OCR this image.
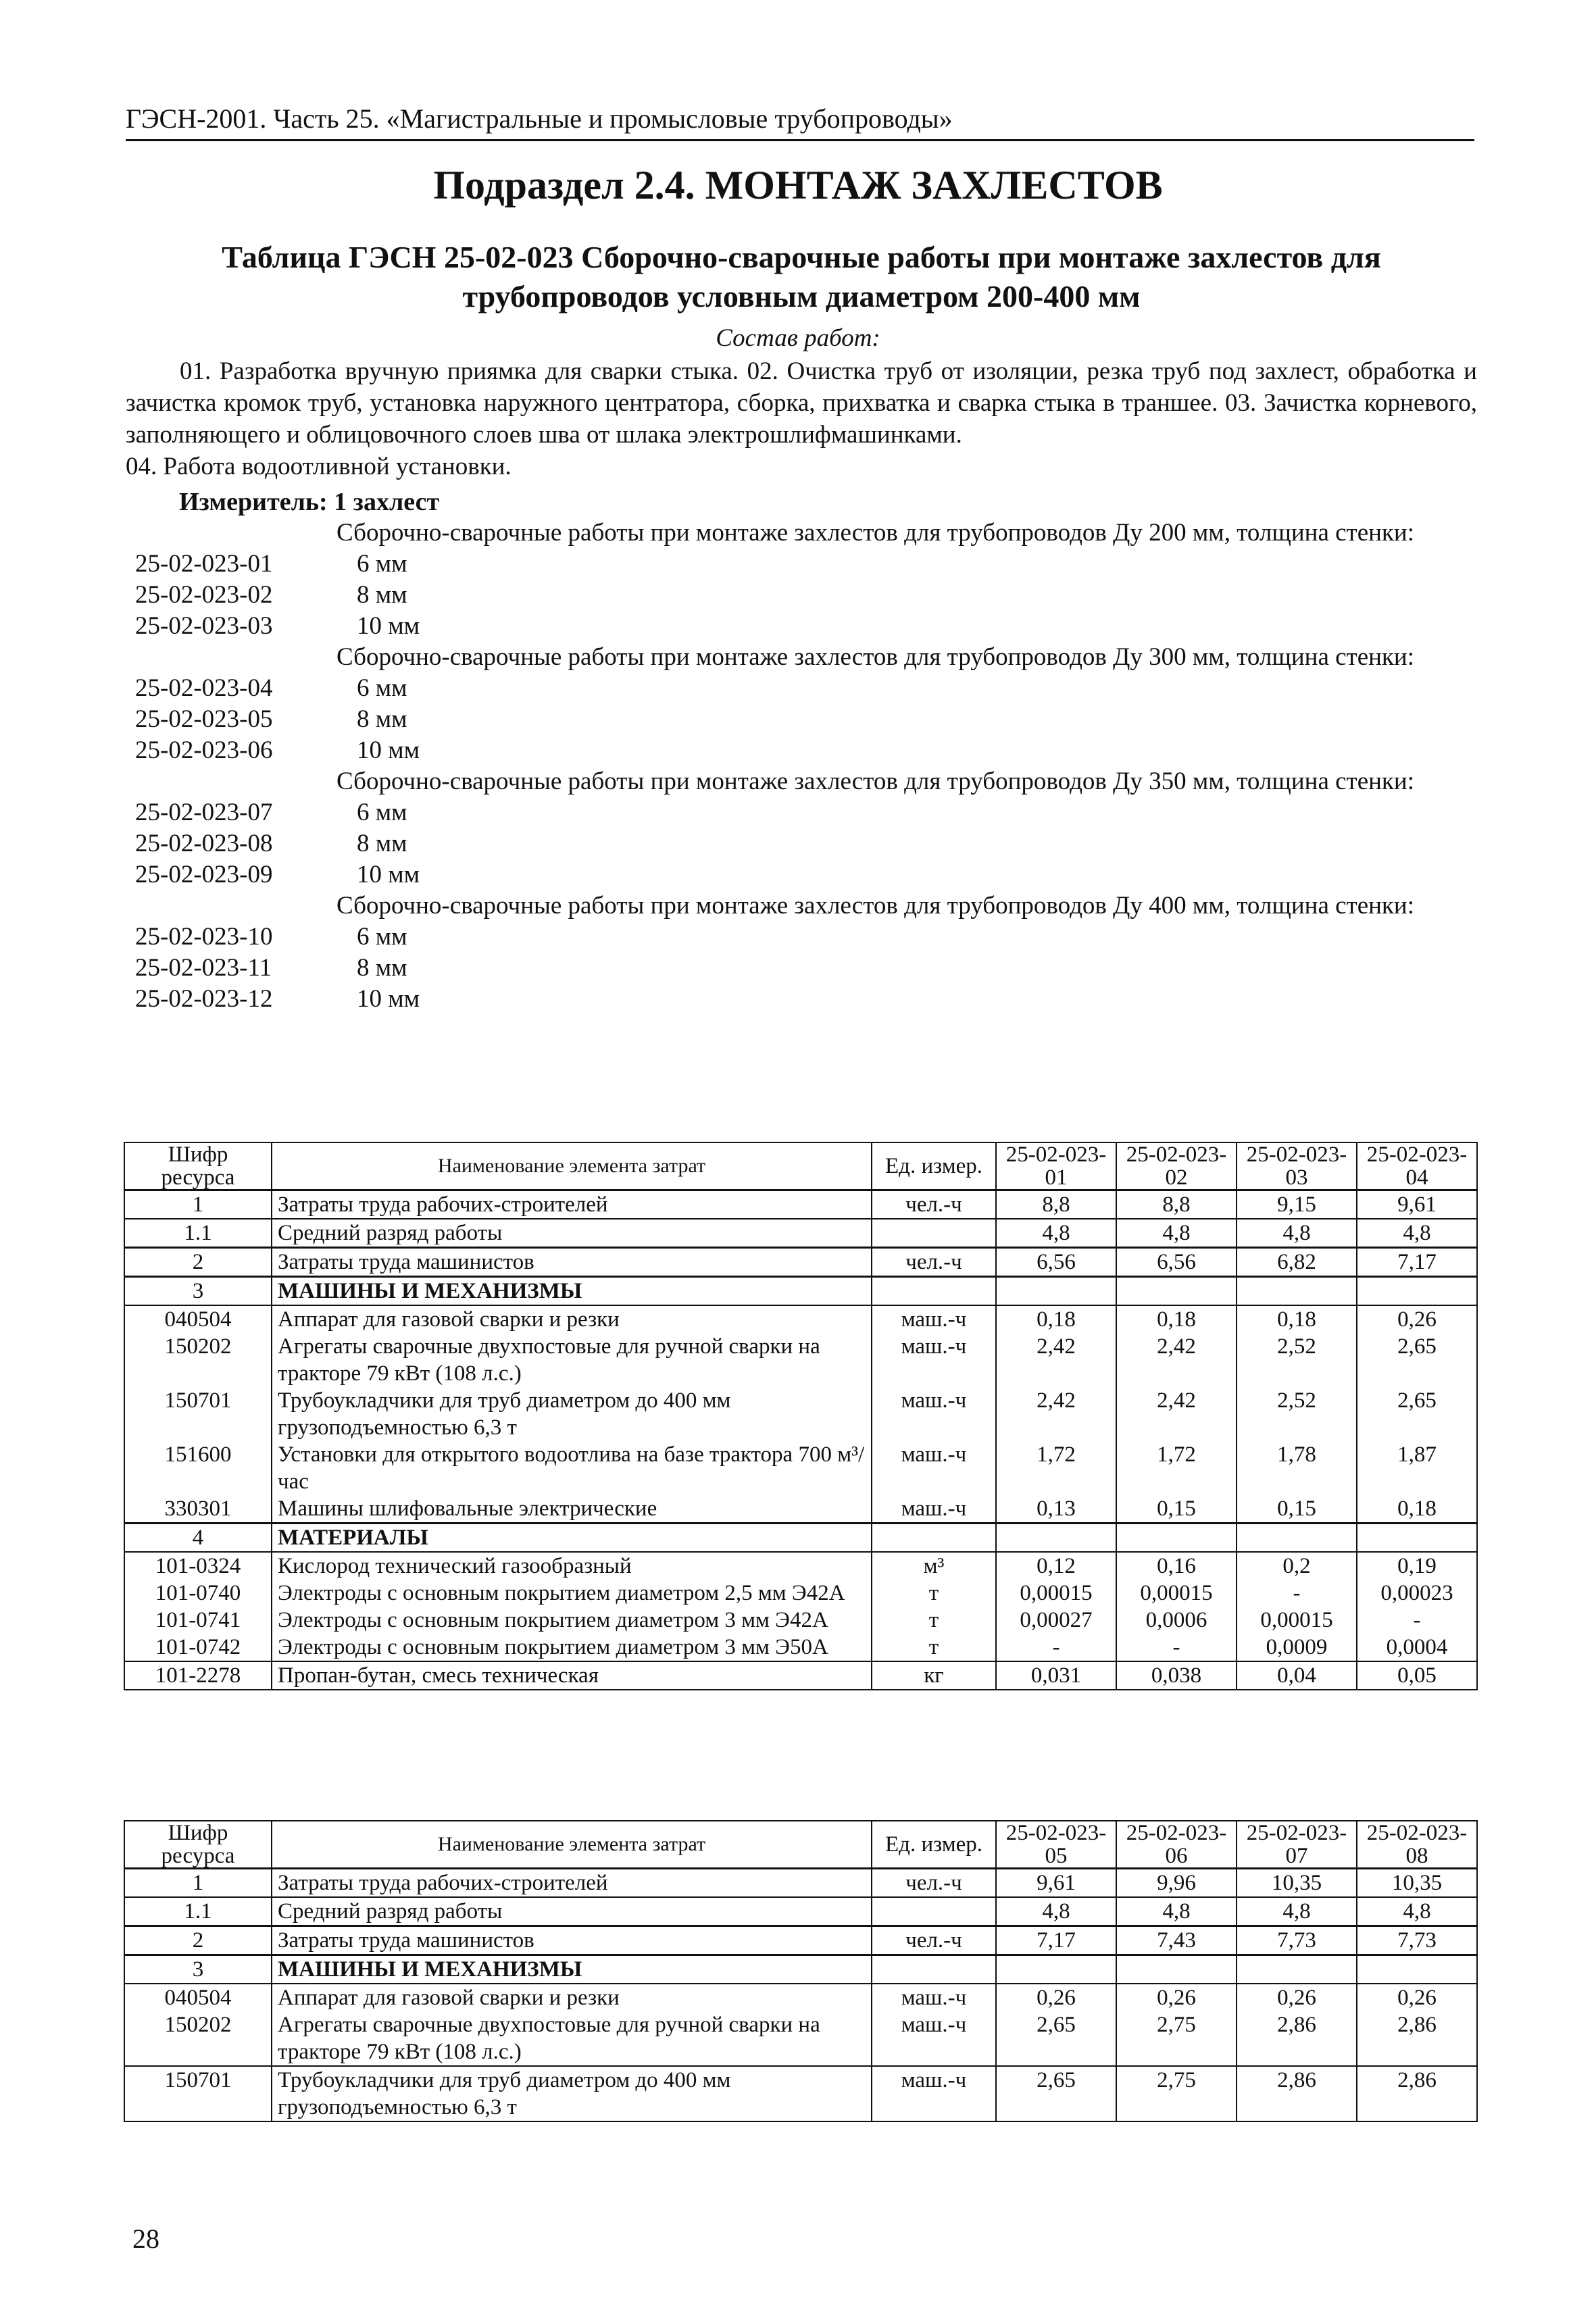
ГЭСН-2001. Часть 25. «Магистральные и промысловые трубопроводы»
Подраздел 2.4. МОНТАЖ ЗАХЛЕСТОВ
Таблица ГЭСН 25-02-023 Сборочно-сварочные работы при монтаже захлестов для
трубопроводов условным диаметром 200-400 мм
Состав работ:

01. Разработка вручную приямка для сварки стыка. 02. Очистка труб от изоляции, резка труб под захлест, обработка и зачистка кромок труб, установка наружного центратора, сборка, прихватка и сварка стыка в траншее. 03. Зачистка корневого, заполняющего и облицовочного слоев шва от шлака электрошлифмашинками.

04. Работа водоотливной установки.

Измеритель: 1 захлест
Сборочно-сварочные работы при монтаже захлестов для трубопроводов Ду 200 мм, толщина стенки:
25-02-023-01	6 мм
25-02-023-02	8 мм
25-02-023-03	10 мм
Сборочно-сварочные работы при монтаже захлестов для трубопроводов Ду 300 мм, толщина стенки:
25-02-023-04	6 мм
25-02-023-05	8 мм
25-02-023-06	10 мм
Сборочно-сварочные работы при монтаже захлестов для трубопроводов Ду 350 мм, толщина стенки:
25-02-023-07	6 мм
25-02-023-08	8 мм
25-02-023-09	10 мм
Сборочно-сварочные работы при монтаже захлестов для трубопроводов Ду 400 мм, толщина стенки:
25-02-023-10	6 мм
25-02-023-11	8 мм
25-02-023-12	10 мм
Шифр ресурса	Наименование элемента затрат	Ед. измер.	25-02-023-01	25-02-023-02	25-02-023-03	25-02-023-04
1	Затраты труда рабочих-строителей	чел.-ч	8,8	8,8	9,15	9,61
1.1	Средний разряд работы		4,8	4,8	4,8	4,8
2	Затраты труда машинистов	чел.-ч	6,56	6,56	6,82	7,17
3	МАШИНЫ И МЕХАНИЗМЫ					
040504	Аппарат для газовой сварки и резки	маш.-ч	0,18	0,18	0,18	0,26
150202	Агрегаты сварочные двухпостовые для ручной сварки на тракторе 79 кВт (108 л.с.)	маш.-ч	2,42	2,42	2,52	2,65
150701	Трубоукладчики для труб диаметром до 400 мм грузоподъемностью 6,3 т	маш.-ч	2,42	2,42	2,52	2,65
151600	Установки для открытого водоотлива на базе трактора 700 м³/час	маш.-ч	1,72	1,72	1,78	1,87
330301	Машины шлифовальные электрические	маш.-ч	0,13	0,15	0,15	0,18
4	МАТЕРИАЛЫ					
101-0324	Кислород технический газообразный	м³	0,12	0,16	0,2	0,19
101-0740	Электроды с основным покрытием диаметром 2,5 мм Э42А	т	0,00015	0,00015	-	0,00023
101-0741	Электроды с основным покрытием диаметром 3 мм Э42А	т	0,00027	0,0006	0,00015	-
101-0742	Электроды с основным покрытием диаметром 3 мм Э50А	т	-	-	0,0009	0,0004
101-2278	Пропан-бутан, смесь техническая	кг	0,031	0,038	0,04	0,05
Шифр ресурса	Наименование элемента затрат	Ед. измер.	25-02-023-05	25-02-023-06	25-02-023-07	25-02-023-08
1	Затраты труда рабочих-строителей	чел.-ч	9,61	9,96	10,35	10,35
1.1	Средний разряд работы		4,8	4,8	4,8	4,8
2	Затраты труда машинистов	чел.-ч	7,17	7,43	7,73	7,73
3	МАШИНЫ И МЕХАНИЗМЫ					
040504	Аппарат для газовой сварки и резки	маш.-ч	0,26	0,26	0,26	0,26
150202	Агрегаты сварочные двухпостовые для ручной сварки на тракторе 79 кВт (108 л.с.)	маш.-ч	2,65	2,75	2,86	2,86
150701	Трубоукладчики для труб диаметром до 400 мм грузоподъемностью 6,3 т	маш.-ч	2,65	2,75	2,86	2,86
28
